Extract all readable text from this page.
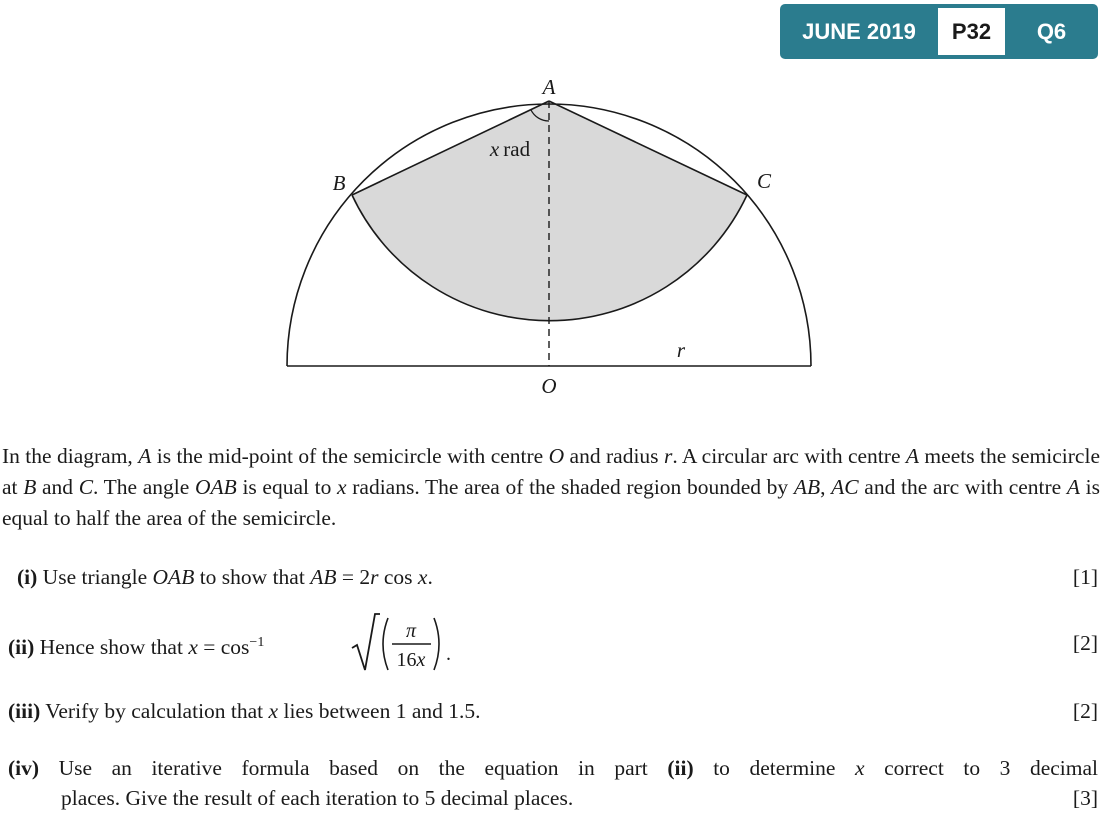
JUNE 2019	P32	Q6
A
B	C
O
r
x rad
In the diagram, A is the mid-point of the semicircle with centre O and radius r. A circular arc with centre A meets the semicircle at B and C. The angle OAB is equal to x radians. The area of the shaded region bounded by AB, AC and the arc with centre A is equal to half the area of the semicircle.
(i) Use triangle OAB to show that AB = 2r cos x.	[1]
(ii) Hence show that $x = \cos^{-1}$
π
16x .	[2]
(iii) Verify by calculation that x lies between 1 and 1.5.	[2]
(iv) Use an iterative formula based on the equation in part (ii) to determine x correct to 3 decimal
places. Give the result of each iteration to 5 decimal places.	[3]
